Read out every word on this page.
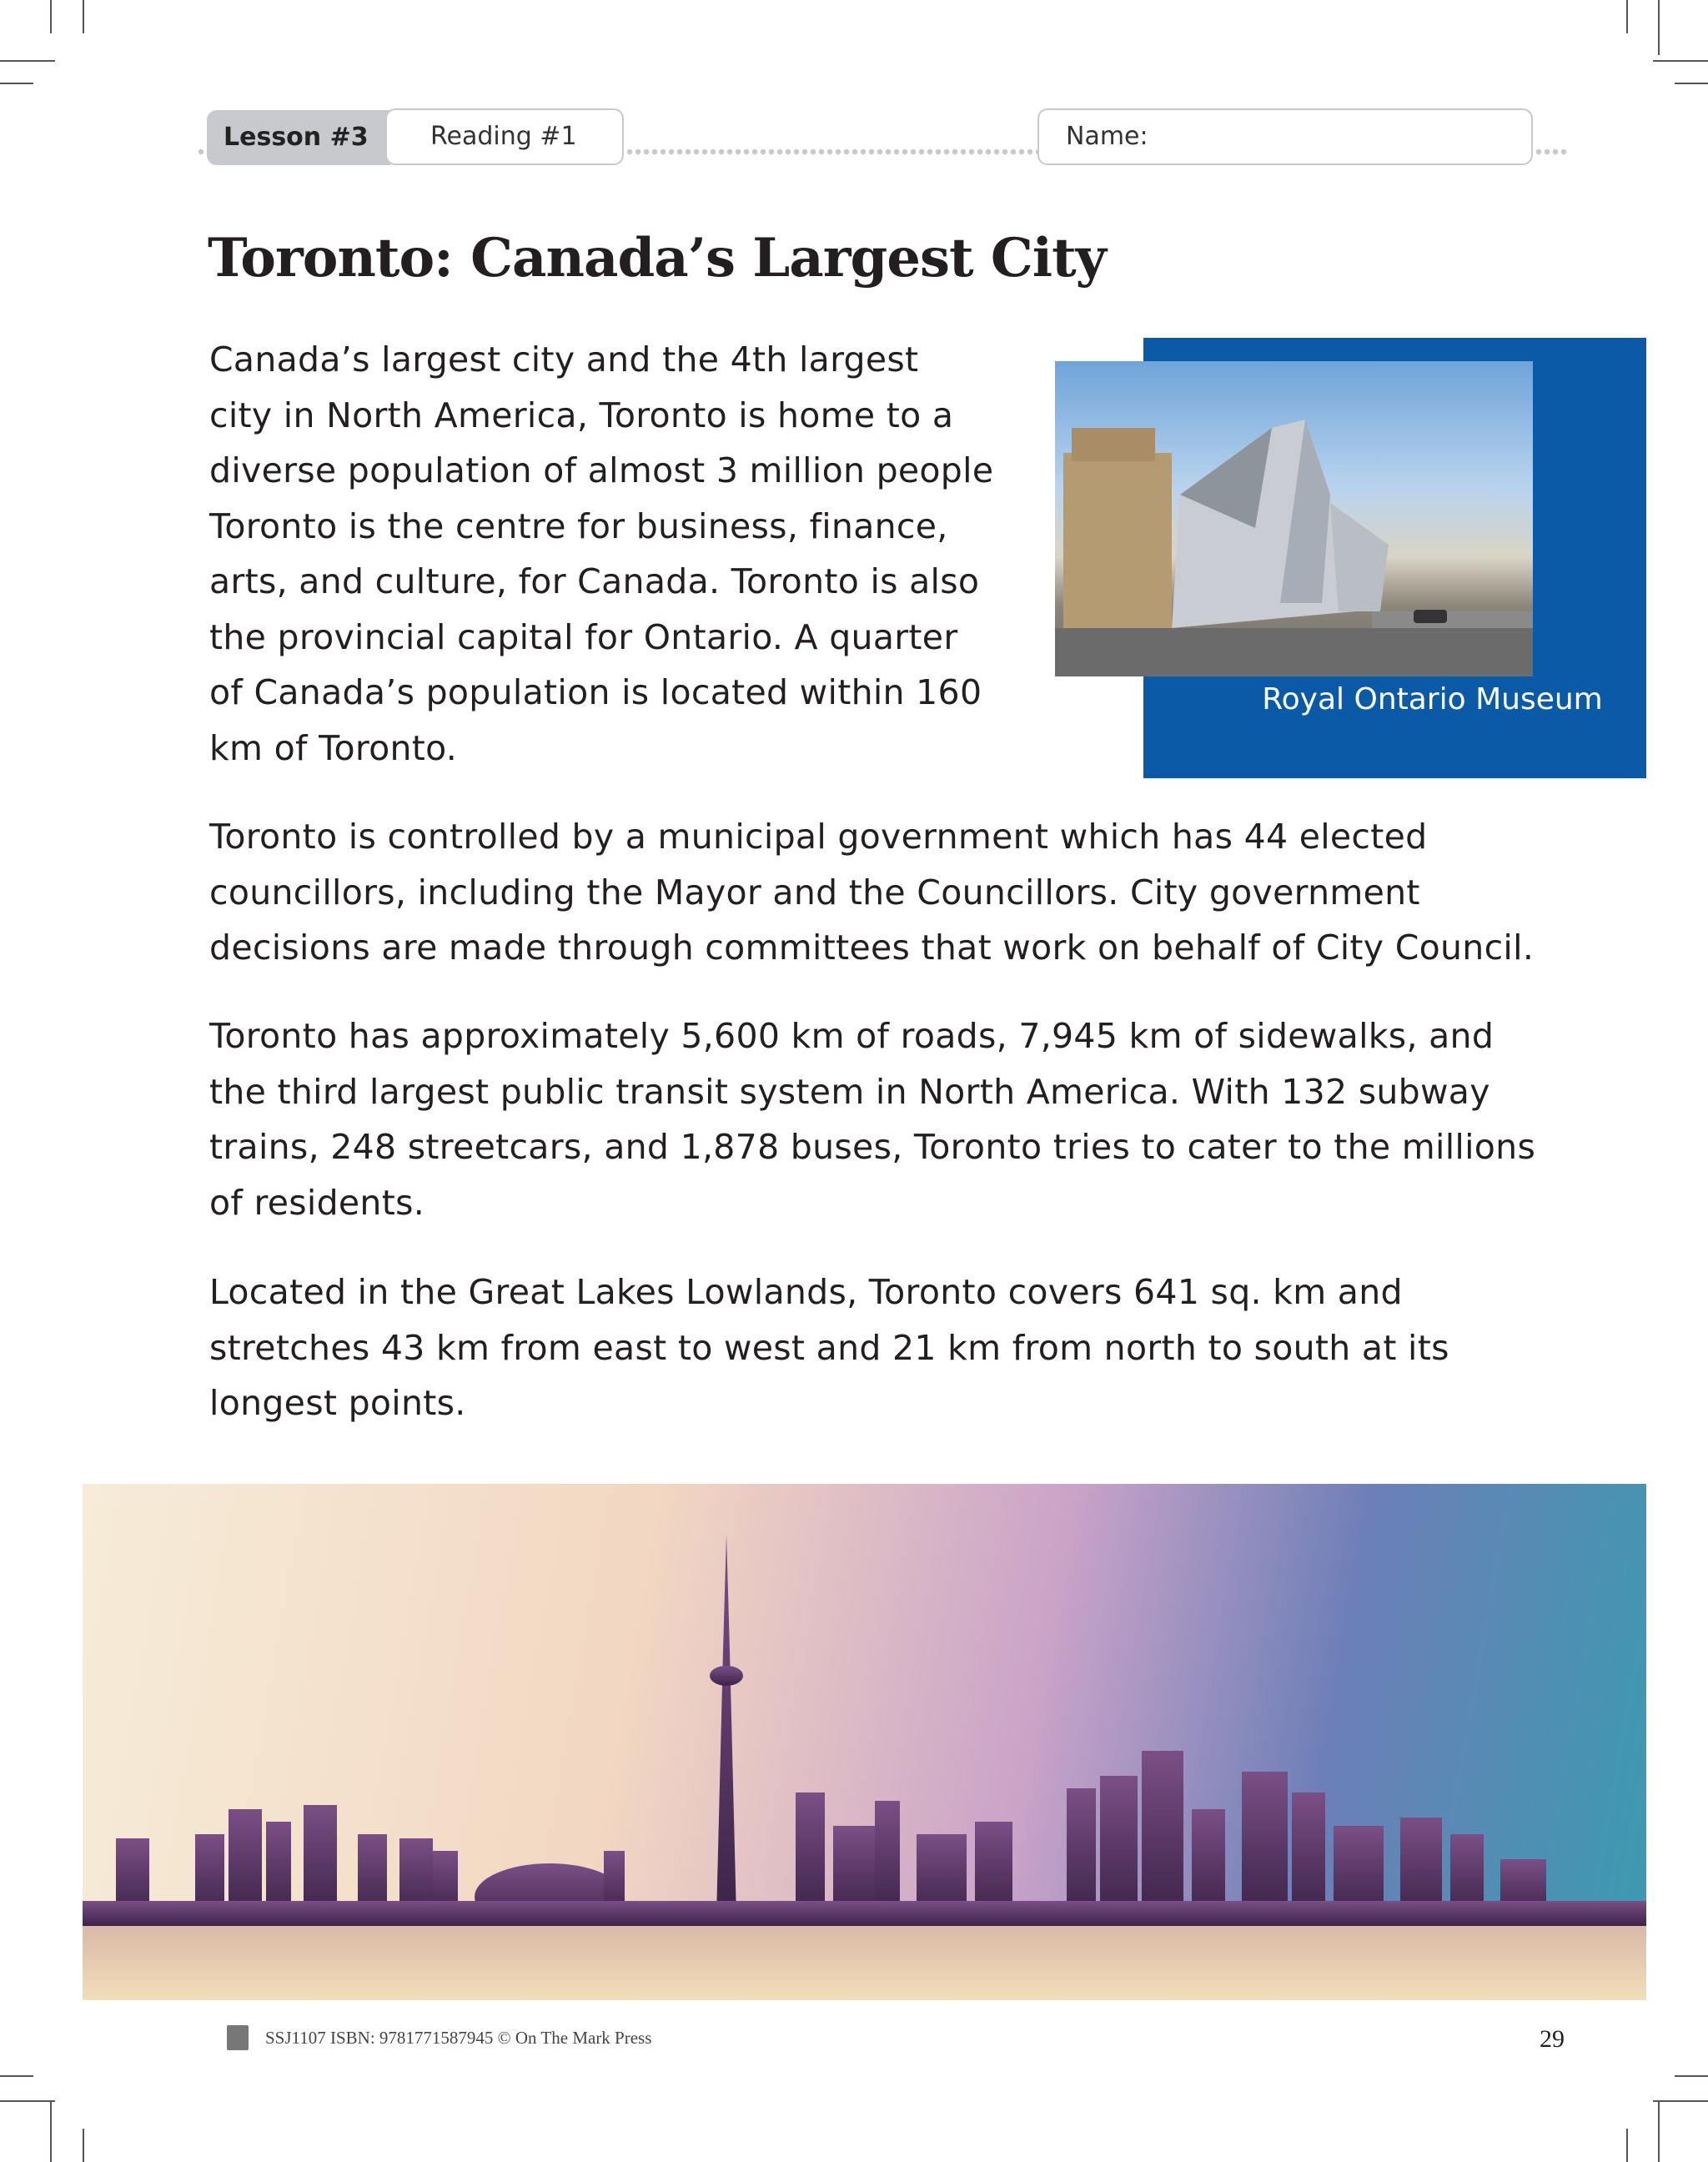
Lesson #3	Reading #1	Name:
Toronto: Canada’s Largest City
Canada’s largest city and the 4th largest
city in North America, Toronto is home to a
diverse population of almost 3 million people
Toronto is the centre for business, finance,
arts, and culture, for Canada. Toronto is also
the provincial capital for Ontario. A quarter
of Canada’s population is located within 160
km of Toronto.
Toronto is controlled by a municipal government which has 44 elected
councillors, including the Mayor and the Councillors. City government
decisions are made through committees that work on behalf of City Council.
Toronto has approximately 5,600 km of roads, 7,945 km of sidewalks, and
the third largest public transit system in North America. With 132 subway
trains, 248 streetcars, and 1,878 buses, Toronto tries to cater to the millions
of residents.
Located in the Great Lakes Lowlands, Toronto covers 641 sq. km and
stretches 43 km from east to west and 21 km from north to south at its
longest points.
Royal Ontario Museum
SSJ1107 ISBN: 9781771587945 © On The Mark Press	29
